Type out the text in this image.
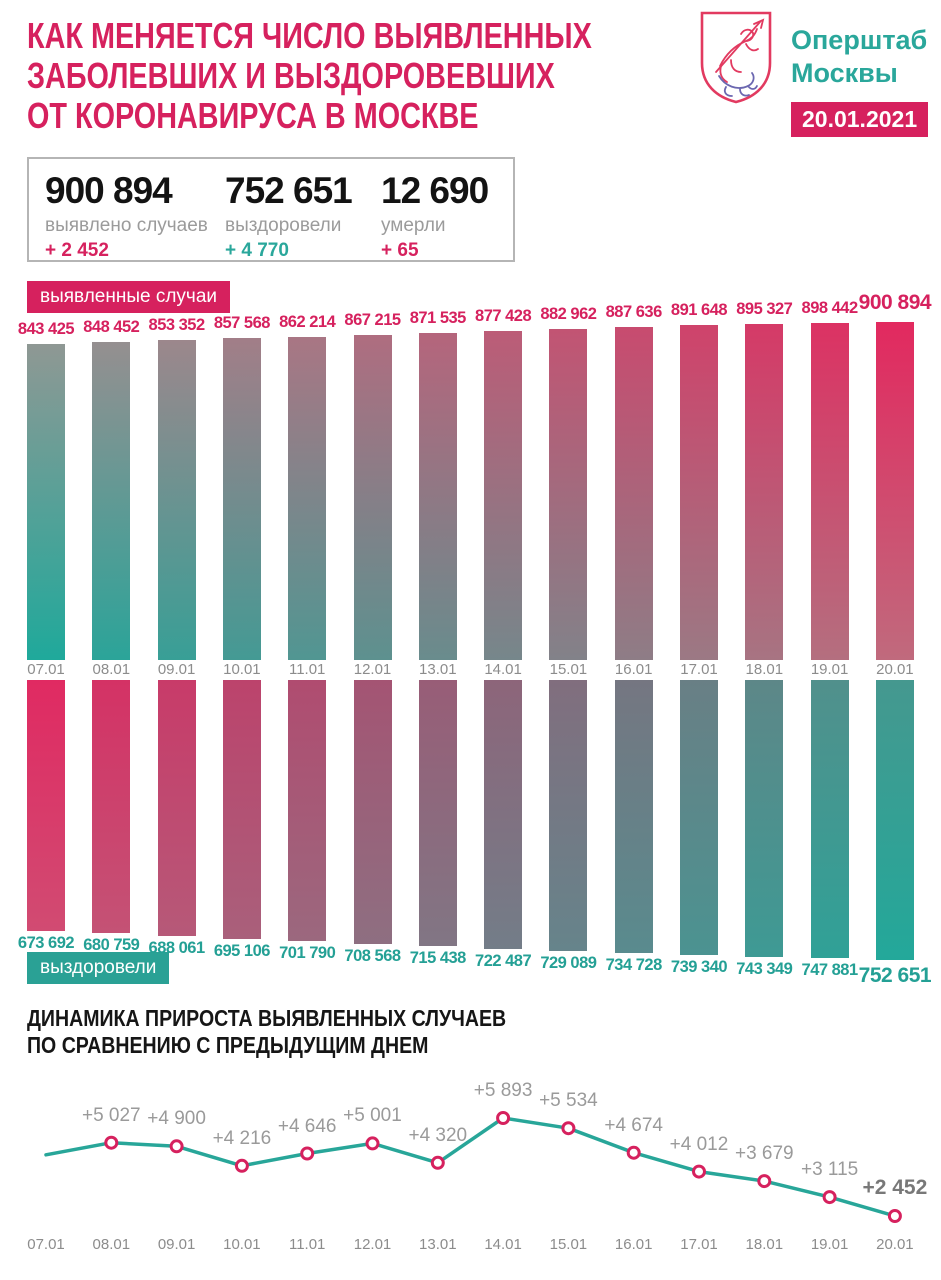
КАК МЕНЯЕТСЯ ЧИСЛО ВЫЯВЛЕННЫХ
ЗАБОЛЕВШИХ И ВЫЗДОРОВЕВШИХ
ОТ КОРОНАВИРУСА В МОСКВЕ
Оперштаб
Москвы
20.01.2021
900 894
выявлено случаев
+ 2 452
752 651
выздоровели
+ 4 770
12 690
умерли
+ 65
выявленные случаи
выздоровели
843 425 848 452 853 352 857 568 862 214 867 215 871 535 877 428 882 962 887 636 891 648 895 327 898 442 900 894
07.01 08.01 09.01 10.01 11.01 12.01 13.01 14.01 15.01 16.01 17.01 18.01 19.01 20.01
673 692 680 759 688 061 695 106 701 790 708 568 715 438 722 487 729 089 734 728 739 340 743 349 747 881 752 651
ДИНАМИКА ПРИРОСТА ВЫЯВЛЕННЫХ СЛУЧАЕВ
ПО СРАВНЕНИЮ С ПРЕДЫДУЩИМ ДНЕМ
+5 027 +4 900
+4 216
+4 646 +5 001
+4 320
+5 893 +5 534
+4 674
+4 012 +3 679
+3 115
+2 452
07.01 08.01 09.01 10.01 11.01 12.01 13.01 14.01 15.01 16.01 17.01 18.01 19.01 20.01
